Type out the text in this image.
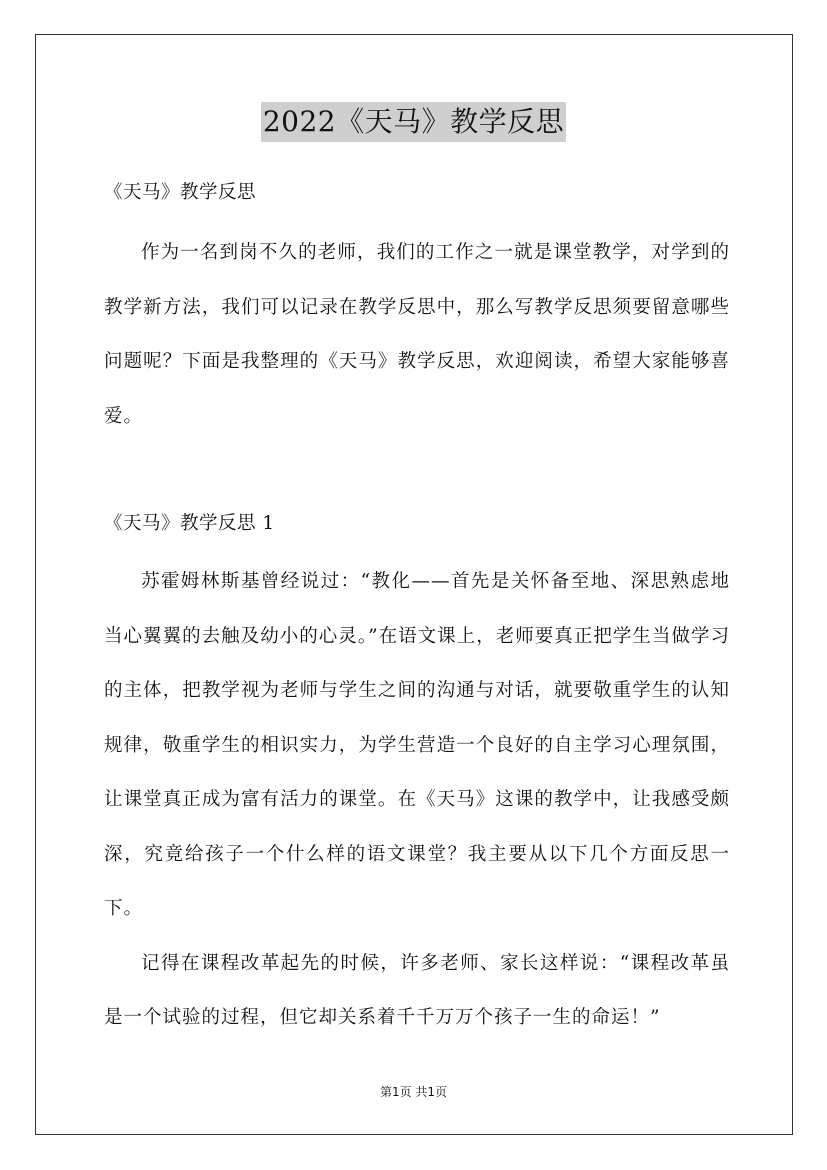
2022《天马》教学反思

《天马》教学反思

作为一名到岗不久的老师，我们的工作之一就是课堂教学，对学到的教学新方法，我们可以记录在教学反思中，那么写教学反思须要留意哪些问题呢？下面是我整理的《天马》教学反思，欢迎阅读，希望大家能够喜爱。

《天马》教学反思 1

苏霍姆林斯基曾经说过：“教化——首先是关怀备至地、深思熟虑地当心翼翼的去触及幼小的心灵。”在语文课上，老师要真正把学生当做学习的主体，把教学视为老师与学生之间的沟通与对话，就要敬重学生的认知规律，敬重学生的相识实力，为学生营造一个良好的自主学习心理氛围，让课堂真正成为富有活力的课堂。在《天马》这课的教学中，让我感受颇深，究竟给孩子一个什么样的语文课堂？我主要从以下几个方面反思一下。

记得在课程改革起先的时候，许多老师、家长这样说：“课程改革虽是一个试验的过程，但它却关系着千千万万个孩子一生的命运！”

第1页 共1页
